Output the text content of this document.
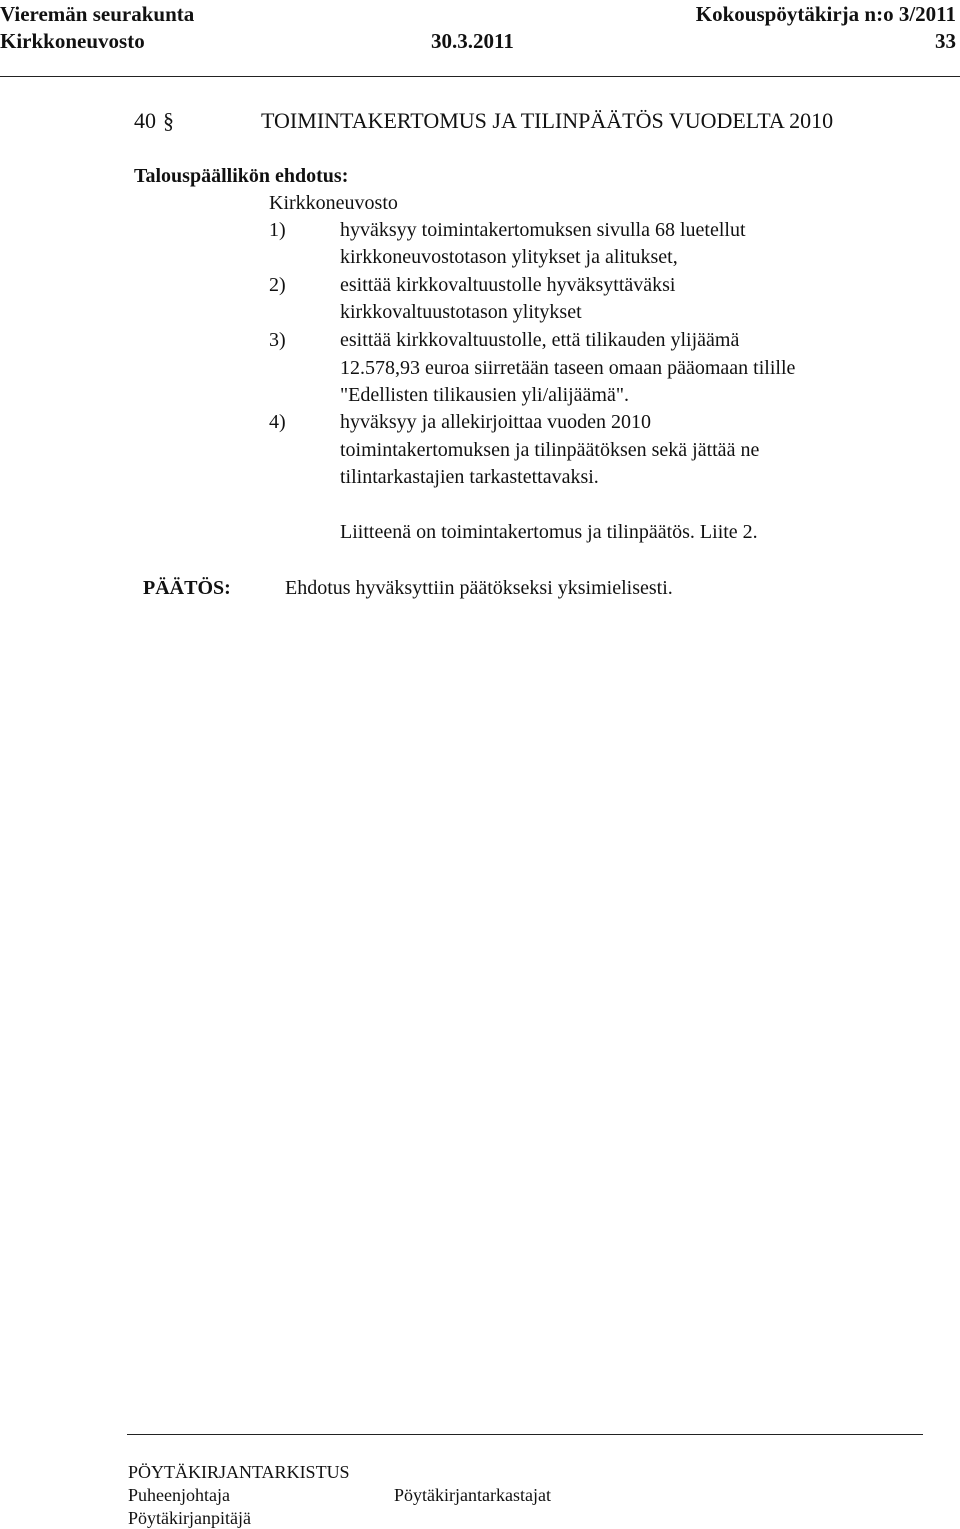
Vieremän seurakunta	Kokouspöytäkirja n:o 3/2011
Kirkkoneuvosto	30.3.2011	33
40 §	TOIMINTAKERTOMUS JA TILINPÄÄTÖS VUODELTA 2010
Talouspäällikön ehdotus:
Kirkkoneuvosto
1)	hyväksyy toimintakertomuksen sivulla 68 luetellut
kirkkoneuvostotason ylitykset ja alitukset,
2)	esittää kirkkovaltuustolle hyväksyttäväksi
kirkkovaltuustotason ylitykset
3)	esittää kirkkovaltuustolle, että tilikauden ylijäämä
12.578,93 euroa siirretään taseen omaan pääomaan tilille
"Edellisten tilikausien yli/alijäämä".
4)	hyväksyy ja allekirjoittaa vuoden 2010
toimintakertomuksen ja tilinpäätöksen sekä jättää ne
tilintarkastajien tarkastettavaksi.
Liitteenä on toimintakertomus ja tilinpäätös. Liite 2.
PÄÄTÖS:	Ehdotus hyväksyttiin päätökseksi yksimielisesti.
PÖYTÄKIRJANTARKISTUS
Puheenjohtaja	Pöytäkirjantarkastajat
Pöytäkirjanpitäjä
